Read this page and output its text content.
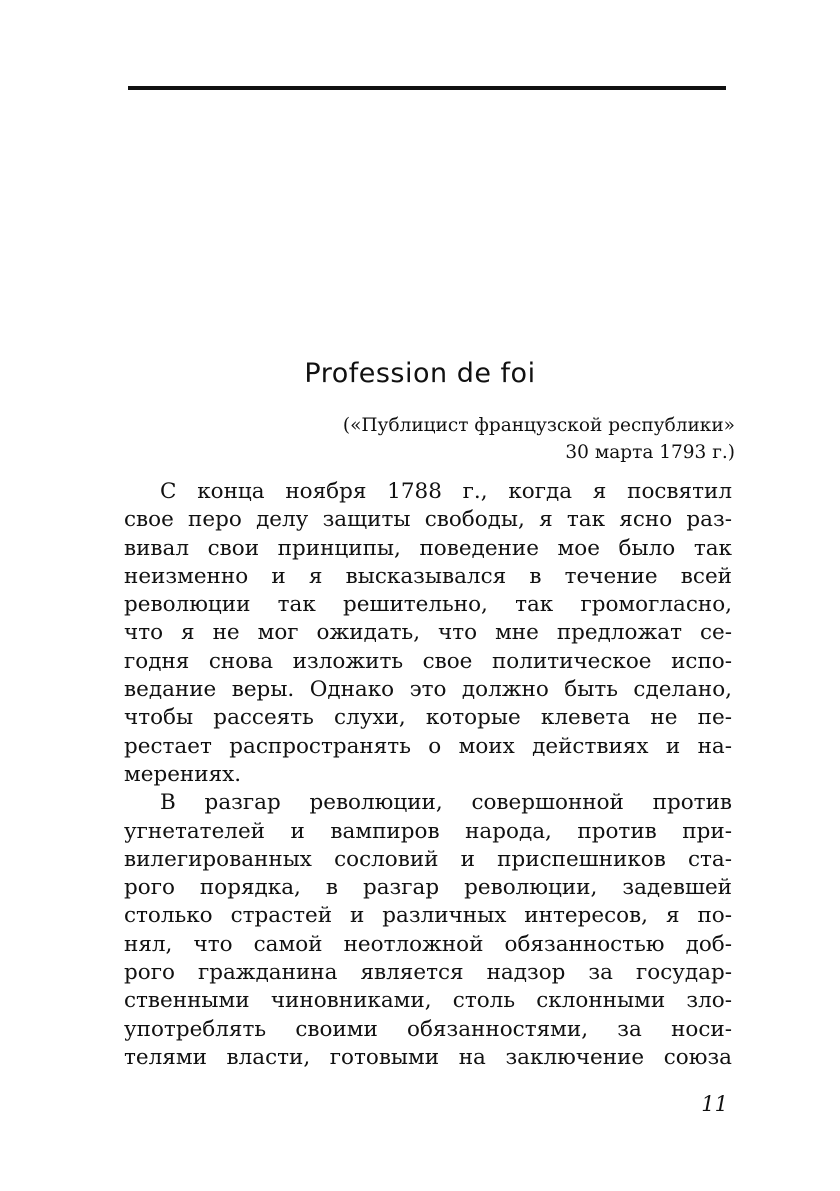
Profession de foi
(«Публицист французской республики»
30 марта 1793 г.)

С конца ноября 1788 г., когда я посвятил
свое перо делу защиты свободы, я так ясно раз-
вивал свои принципы, поведение мое было так
неизменно и я высказывался в течение всей
революции так решительно, так громогласно,
что я не мог ожидать, что мне предложат се-
годня снова изложить свое политическое испо-
ведание веры. Однако это должно быть сделано,
чтобы рассеять слухи, которые клевета не пе-
рестает распространять о моих действиях и на-
мерениях.

В разгар революции, совершонной против
угнетателей и вампиров народа, против при-
вилегированных сословий и приспешников ста-
рого порядка, в разгар революции, задевшей
столько страстей и различных интересов, я по-
нял, что самой неотложной обязанностью доб-
рого гражданина является надзор за государ-
ственными чиновниками, столь склонными зло-
употреблять своими обязанностями, за носи-
телями власти, готовыми на заключение союза

11
